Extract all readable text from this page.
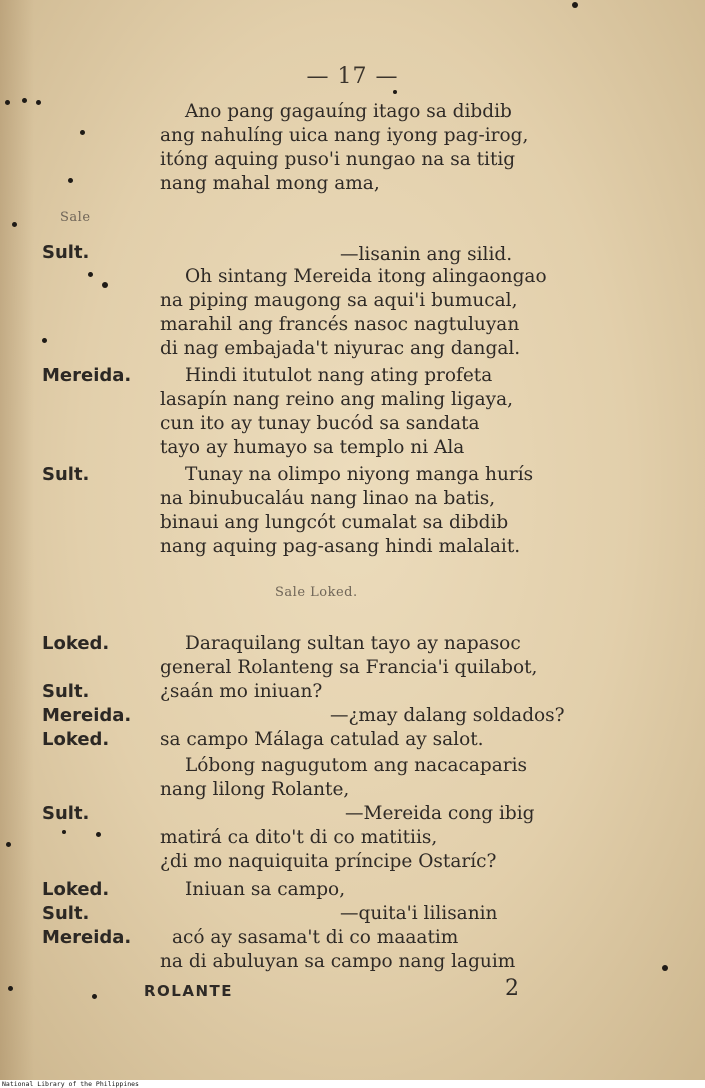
— 17 —
Ano pang gagauíng itago sa dibdib
ang nahulíng uica nang iyong pag-irog,
itóng aquing puso'i nungao na sa titig
nang mahal mong ama,
Sale
Sult.	—lisanin ang silid.
Oh sintang Mereida itong alingaongao
na piping maugong sa aqui'i bumucal,
marahil ang francés nasoc nagtuluyan
di nag embajada't niyurac ang dangal.
Mereida.	Hindi itutulot nang ating profeta
lasapín nang reino ang maling ligaya,
cun ito ay tunay bucód sa sandata
tayo ay humayo sa templo ni Ala
Sult.	Tunay na olimpo niyong manga hurís
na binubucaláu nang linao na batis,
binaui ang lungcót cumalat sa dibdib
nang aquing pag-asang hindi malalait.
Sale Loked.
Loked.	Daraquilang sultan tayo ay napasoc
general Rolanteng sa Francia'i quilabot,
Sult.	¿saán mo iniuan?
Mereida.	—¿may dalang soldados?
Loked.	sa campo Málaga catulad ay salot.
Lóbong nagugutom ang nacacaparis
nang lilong Rolante,
Sult.	—Mereida cong ibig
matirá ca dito't di co matitiis,
¿di mo naquiquita príncipe Ostaríc?
Loked.	Iniuan sa campo,
Sult.	—quita'i lilisanin
Mereida. acó ay sasama't di co maaatim
na di abuluyan sa campo nang laguim
ROLANTE	2
National Library of the Philippines
